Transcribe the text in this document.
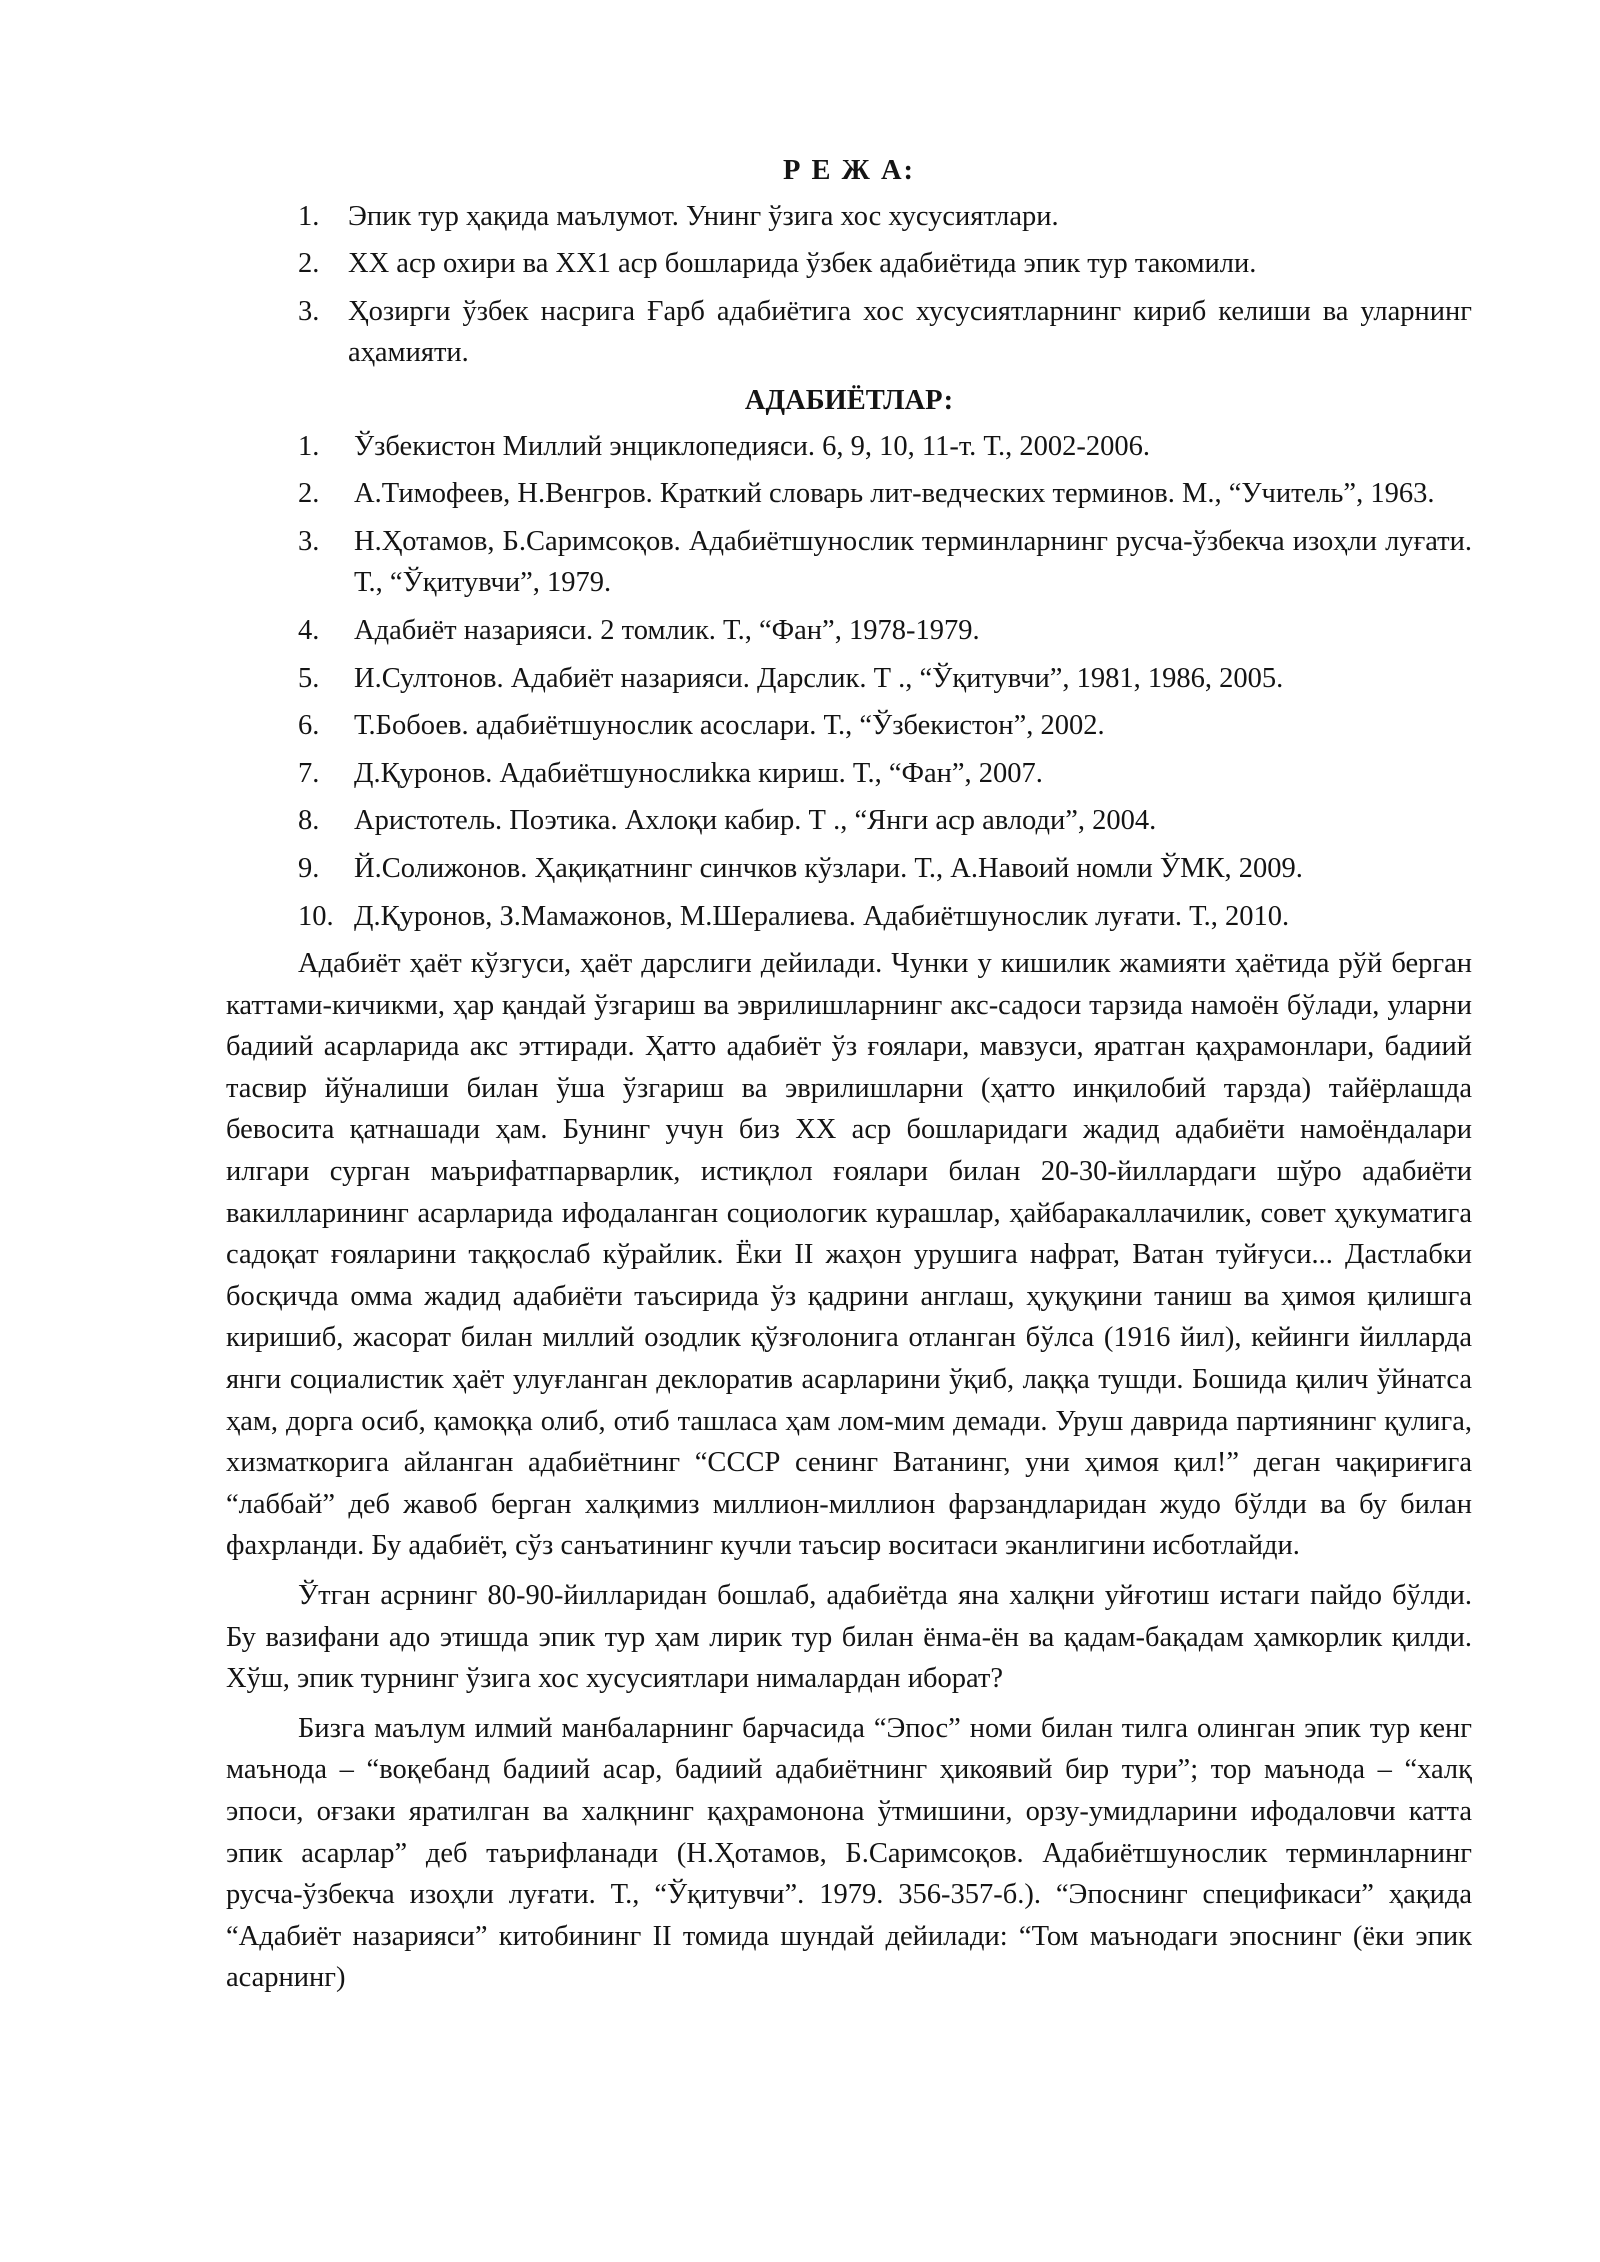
Р Е Ж А:
1. Эпик тур ҳақида маълумот. Унинг ўзига хос хусусиятлари.
2. ХХ аср охири ва ХХ1 аср бошларида ўзбек адабиётида эпик тур такомили.
3. Ҳозирги ўзбек насрига Ғарб адабиётига хос хусусиятларнинг кириб келиши ва уларнинг аҳамияти.
АДАБИЁТЛАР:
1. Ўзбекистон Миллий энциклопедияси. 6, 9, 10, 11-т. Т., 2002-2006.
2. А.Тимофеев, Н.Венгров. Краткий словарь лит-ведческих терминов. М., “Учитель”, 1963.
3. Н.Ҳотамов, Б.Саримсоқов. Адабиётшунослик терминларнинг русча-ўзбекча изоҳли луғати. Т., “Ўқитувчи”, 1979.
4. Адабиёт назарияси. 2 томлик. Т., “Фан”, 1978-1979.
5. И.Султонов. Адабиёт назарияси. Дарслик. Т ., “Ўқитувчи”, 1981, 1986, 2005.
6. Т.Бобоев. адабиётшунослик асослари. Т., “Ўзбекистон”, 2002.
7. Д.Қуронов. Адабиётшунослиkка кириш. Т., “Фан”, 2007.
8. Аристотель. Поэтика. Ахлоқи кабир. Т ., “Янги аср авлоди”, 2004.
9. Й.Солижонов. Ҳақиқатнинг синчков кўзлари. Т., А.Навоий номли ЎМК, 2009.
10. Д.Қуронов, З.Мамажонов, М.Шералиева. Адабиётшунослик луғати. Т., 2010.

Адабиёт ҳаёт кўзгуси, ҳаёт дарслиги дейилади. Чунки у кишилик жамияти ҳаётида рўй берган каттами-кичикми, ҳар қандай ўзгариш ва эврилишларнинг акс-садоси тарзида намоён бўлади, уларни бадиий асарларида акс эттиради. Ҳатто адабиёт ўз ғоялари, мавзуси, яратган қаҳрамонлари, бадиий тасвир йўналиши билан ўша ўзгариш ва эврилишларни (ҳатто инқилобий тарзда) тайёрлашда бевосита қатнашади ҳам. Бунинг учун биз ХХ аср бошларидаги жадид адабиёти намоёндалари илгари сурган маърифатпарварлик, истиқлол ғоялари билан 20-30-йиллардаги шўро адабиёти вакилларининг асарларида ифодаланган социологик курашлар, ҳайбаракаллачилик, совет ҳукуматига садоқат ғояларини таққослаб кўрайлик. Ёки II жаҳон урушига нафрат, Ватан туйғуси... Дастлабки босқичда омма жадид адабиёти таъсирида ўз қадрини англаш, ҳуқуқини таниш ва ҳимоя қилишга киришиб, жасорат билан миллий озодлик қўзғолонига отланган бўлса (1916 йил), кейинги йилларда янги социалистик ҳаёт улуғланган деклоратив асарларини ўқиб, лаққа тушди. Бошида қилич ўйнатса ҳам, дорга осиб, қамоққа олиб, отиб ташласа ҳам лом-мим демади. Уруш даврида партиянинг қулига, хизматкорига айланган адабиётнинг “СССР сенинг Ватанинг, уни ҳимоя қил!” деган чақириғига “лаббай” деб жавоб берган халқимиз миллион-миллион фарзандларидан жудо бўлди ва бу билан фахрланди. Бу адабиёт, сўз санъатининг кучли таъсир воситаси эканлигини исботлайди.

Ўтган асрнинг 80-90-йилларидан бошлаб, адабиётда яна халқни уйғотиш истаги пайдо бўлди. Бу вазифани адо этишда эпик тур ҳам лирик тур билан ёнма-ён ва қадам-бақадам ҳамкорлик қилди. Хўш, эпик турнинг ўзига хос хусусиятлари нималардан иборат?

Бизга маълум илмий манбаларнинг барчасида “Эпос” номи билан тилга олинган эпик тур кенг маънода – “воқебанд бадиий асар, бадиий адабиётнинг ҳикоявий бир тури”; тор маънода – “халқ эпоси, оғзаки яратилган ва халқнинг қаҳрамонона ўтмишини, орзу-умидларини ифодаловчи катта эпик асарлар” деб таърифланади (Н.Ҳотамов, Б.Саримсоқов. Адабиётшунослик терминларнинг русча-ўзбекча изоҳли луғати. Т., “Ўқитувчи”. 1979. 356-357-б.). “Эпоснинг спецификаси” ҳақида “Адабиёт назарияси” китобининг II томида шундай дейилади: “Том маънодаги эпоснинг (ёки эпик асарнинг)
